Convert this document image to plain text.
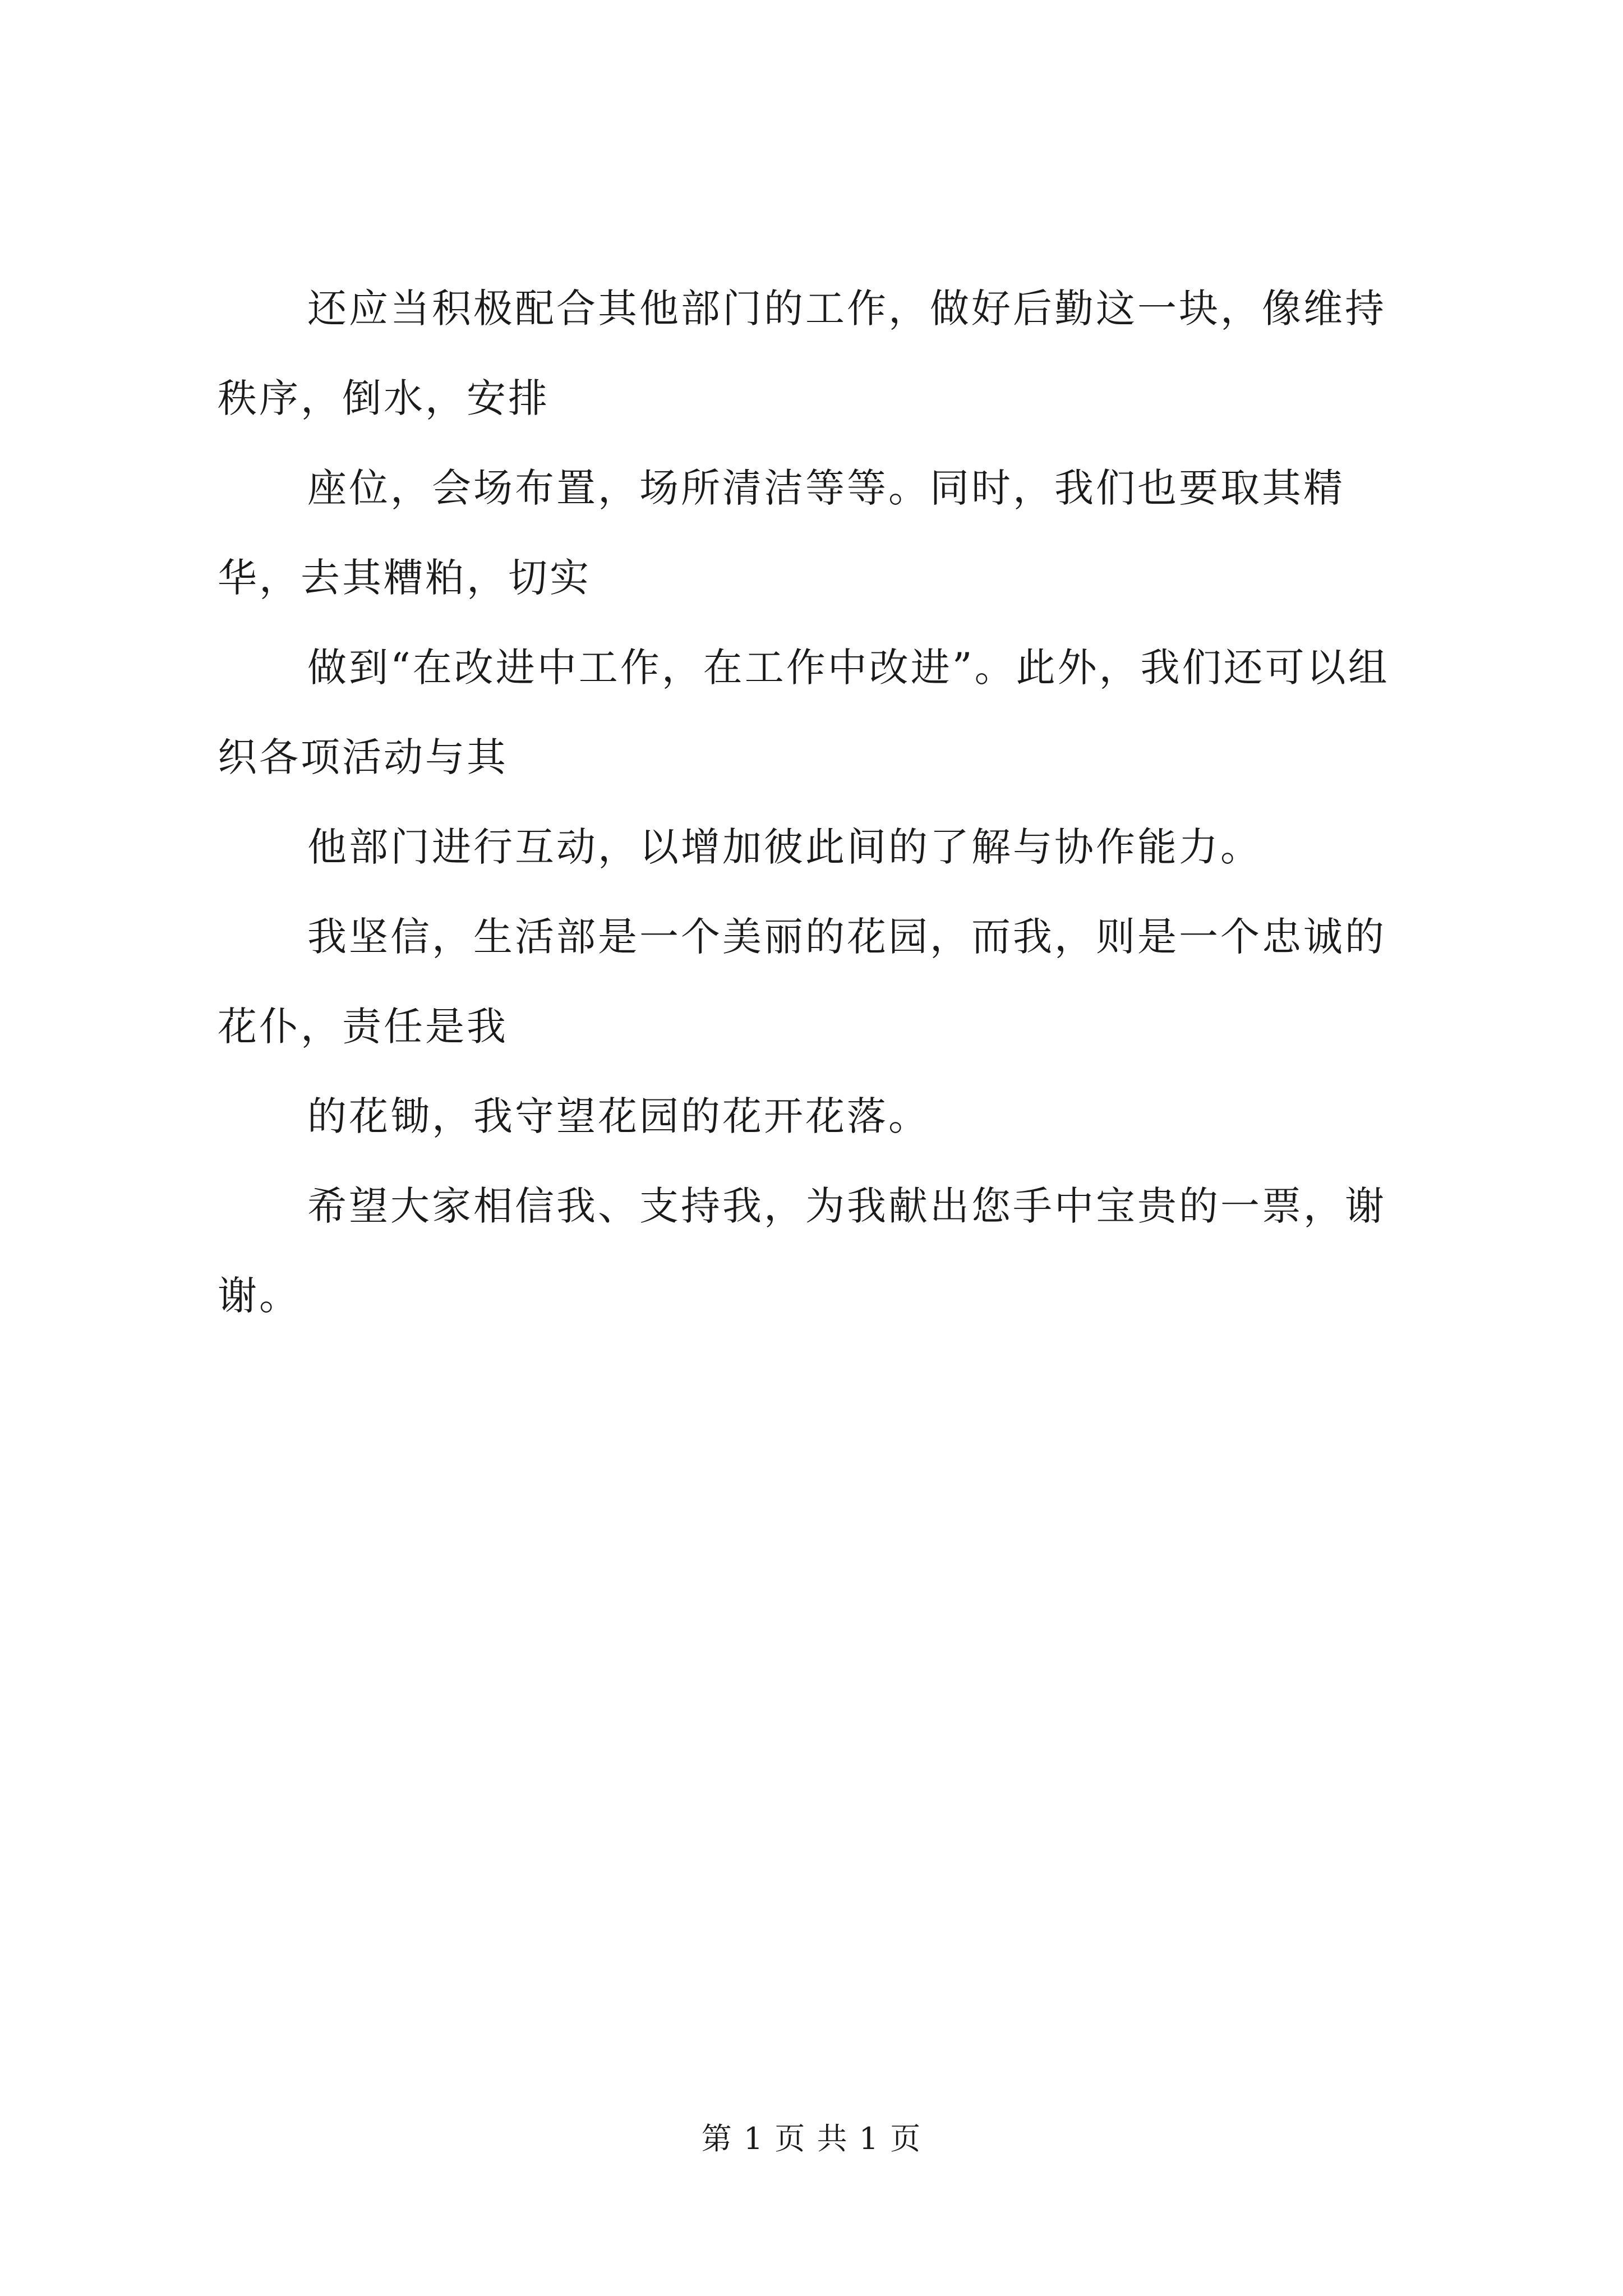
还应当积极配合其他部门的工作，做好后勤这一块，像维持秩序，倒水，安排

座位，会场布置，场所清洁等等。同时，我们也要取其精华，去其糟粕，切实

做到“在改进中工作，在工作中改进”。此外，我们还可以组织各项活动与其

他部门进行互动，以增加彼此间的了解与协作能力。

我坚信，生活部是一个美丽的花园，而我，则是一个忠诚的花仆，责任是我

的花锄，我守望花园的花开花落。

希望大家相信我、支持我，为我献出您手中宝贵的一票，谢谢。

第 1 页 共 1 页
